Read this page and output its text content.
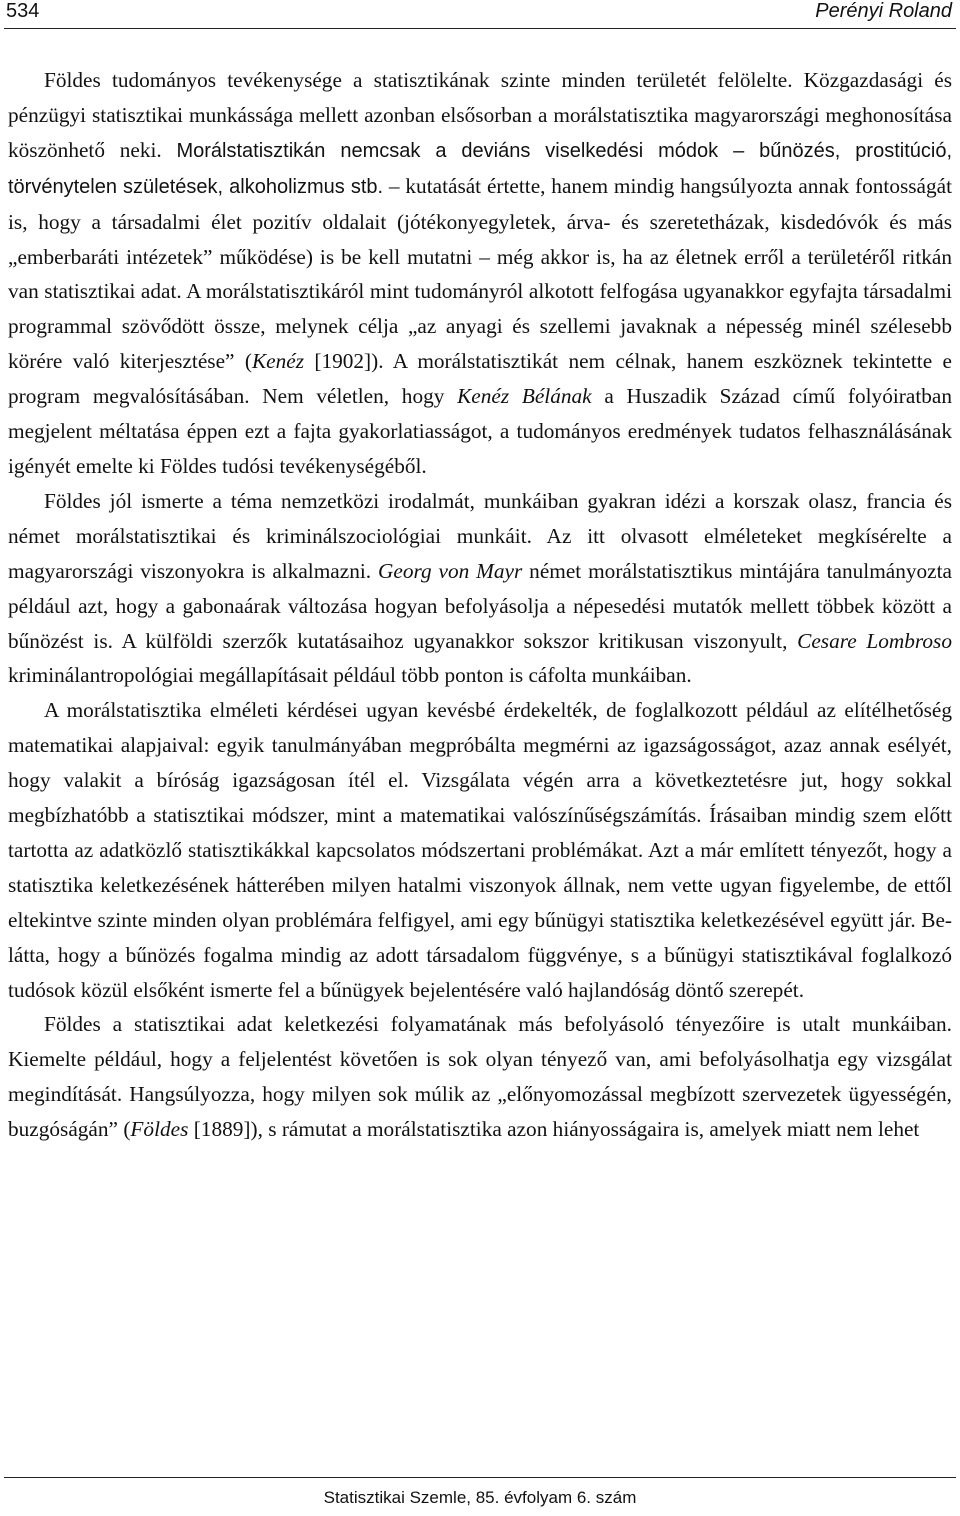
534	Perényi Roland

Földes tudományos tevékenysége a statisztikának szinte minden területét felölelte. Közgazdasági és pénzügyi statisztikai munkássága mellett azonban elsősorban a morálstatisztika magyarországi meghonosítása köszönhető neki. Morálstatisztikán nemcsak a deviáns viselkedési módok – bűnözés, prostitúció, törvénytelen születések, alkoholizmus stb. – kutatását értette, hanem mindig hangsúlyozta annak fontosságát is, hogy a társadalmi élet pozitív oldalait (jótékonyegyletek, árva- és szeretetházak, kisdedóvók és más „emberbaráti intézetek” működése) is be kell mutatni – még akkor is, ha az életnek erről a területéről ritkán van statisztikai adat. A morálstatisztikáról mint tudományról alkotott felfogása ugyanakkor egyfajta társadalmi programmal szövődött össze, melynek célja „az anyagi és szellemi javaknak a népesség minél szélesebb körére való kiterjesztése” (Kenéz [1902]). A morálstatisztikát nem célnak, hanem eszköznek tekintette e program megvalósításában. Nem véletlen, hogy Kenéz Bélának a Huszadik Század című folyóiratban megjelent méltatása éppen ezt a fajta gyakorlatiasságot, a tudományos eredmények tudatos felhasználásának igényét emelte ki Földes tudósi tevékenységéből.

Földes jól ismerte a téma nemzetközi irodalmát, munkáiban gyakran idézi a korszak olasz, francia és német morálstatisztikai és kriminálszociológiai munkáit. Az itt olvasott elméleteket megkísérelte a magyarországi viszonyokra is alkalmazni. Georg von Mayr német morálstatisztikus mintájára tanulmányozta például azt, hogy a gabonaárak változása hogyan befolyásolja a népesedési mutatók mellett többek között a bűnözést is. A külföldi szerzők kutatásaihoz ugyanakkor sokszor kritikusan viszonyult, Cesare Lombroso kriminálantropológiai megállapításait például több ponton is cáfolta munkáiban.

A morálstatisztika elméleti kérdései ugyan kevésbé érdekelték, de foglalkozott például az elítélhetőség matematikai alapjaival: egyik tanulmányában megpróbálta megmérni az igazságosságot, azaz annak esélyét, hogy valakit a bíróság igazságosan ítél el. Vizsgálata végén arra a következtetésre jut, hogy sokkal megbízhatóbb a statisztikai módszer, mint a matematikai valószínűségszámítás. Írásaiban mindig szem előtt tartotta az adatközlő statisztikákkal kapcsolatos módszertani problémákat. Azt a már említett tényezőt, hogy a statisztika keletkezésének hátterében milyen hatalmi viszonyok állnak, nem vette ugyan figyelembe, de ettől eltekintve szinte minden olyan problémára felfigyel, ami egy bűnügyi statisztika keletkezésével együtt jár. Belátta, hogy a bűnözés fogalma mindig az adott társadalom függvénye, s a bűnügyi statisztikával foglalkozó tudósok közül elsőként ismerte fel a bűnügyek bejelentésére való hajlandóság döntő szerepét.

Földes a statisztikai adat keletkezési folyamatának más befolyásoló tényezőire is utalt munkáiban. Kiemelte például, hogy a feljelentést követően is sok olyan tényező van, ami befolyásolhatja egy vizsgálat megindítását. Hangsúlyozza, hogy milyen sok múlik az „előnyomozással megbízott szervezetek ügyességén, buzgóságán” (Földes [1889]), s rámutat a morálstatisztika azon hiányosságaira is, amelyek miatt nem lehet

Statisztikai Szemle, 85. évfolyam 6. szám
